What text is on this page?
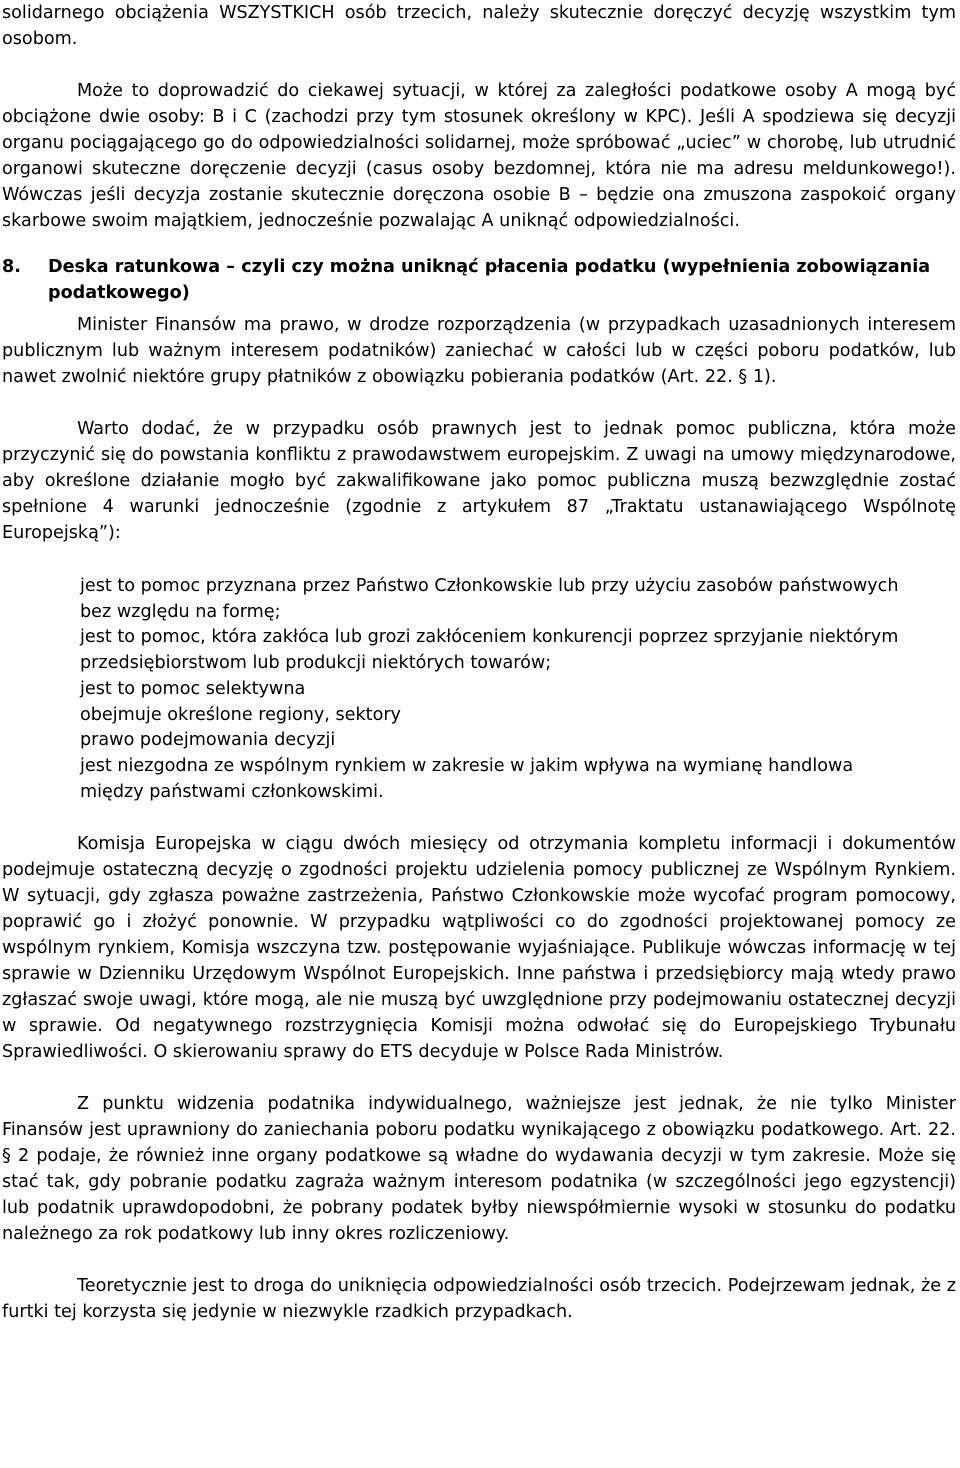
solidarnego obciążenia WSZYSTKICH osób trzecich, należy skutecznie doręczyć decyzję wszystkim tym osobom.

Może to doprowadzić do ciekawej sytuacji, w której za zaległości podatkowe osoby A mogą być obciążone dwie osoby: B i C (zachodzi przy tym stosunek określony w KPC). Jeśli A spodziewa się decyzji organu pociągającego go do odpowiedzialności solidarnej, może spróbować „uciec” w chorobę, lub utrudnić organowi skuteczne doręczenie decyzji (casus osoby bezdomnej, która nie ma adresu meldunkowego!). Wówczas jeśli decyzja zostanie skutecznie doręczona osobie B – będzie ona zmuszona zaspokoić organy skarbowe swoim majątkiem, jednocześnie pozwalając A uniknąć odpowiedzialności.

8.	Deska ratunkowa – czyli czy można uniknąć płacenia podatku (wypełnienia zobowiązania podatkowego)

Minister Finansów ma prawo, w drodze rozporządzenia (w przypadkach uzasadnionych interesem publicznym lub ważnym interesem podatników) zaniechać w całości lub w części poboru podatków, lub nawet zwolnić niektóre grupy płatników z obowiązku pobierania podatków (Art. 22. § 1).

Warto dodać, że w przypadku osób prawnych jest to jednak pomoc publiczna, która może przyczynić się do powstania konfliktu z prawodawstwem europejskim. Z uwagi na umowy międzynarodowe, aby określone działanie mogło być zakwalifikowane jako pomoc publiczna muszą bezwzględnie zostać spełnione 4 warunki jednocześnie (zgodnie z artykułem 87 „Traktatu ustanawiającego Wspólnotę Europejską”):

jest to pomoc przyznana przez Państwo Członkowskie lub przy użyciu zasobów państwowych bez względu na formę;
jest to pomoc, która zakłóca lub grozi zakłóceniem konkurencji poprzez sprzyjanie niektórym przedsiębiorstwom lub produkcji niektórych towarów;
jest to pomoc selektywna
obejmuje określone regiony, sektory
prawo podejmowania decyzji
jest niezgodna ze wspólnym rynkiem w zakresie w jakim wpływa na wymianę handlowa między państwami członkowskimi.

Komisja Europejska w ciągu dwóch miesięcy od otrzymania kompletu informacji i dokumentów podejmuje ostateczną decyzję o zgodności projektu udzielenia pomocy publicznej ze Wspólnym Rynkiem. W sytuacji, gdy zgłasza poważne zastrzeżenia, Państwo Członkowskie może wycofać program pomocowy, poprawić go i złożyć ponownie. W przypadku wątpliwości co do zgodności projektowanej pomocy ze wspólnym rynkiem, Komisja wszczyna tzw. postępowanie wyjaśniające. Publikuje wówczas informację w tej sprawie w Dzienniku Urzędowym Wspólnot Europejskich. Inne państwa i przedsiębiorcy mają wtedy prawo zgłaszać swoje uwagi, które mogą, ale nie muszą być uwzględnione przy podejmowaniu ostatecznej decyzji w sprawie. Od negatywnego rozstrzygnięcia Komisji można odwołać się do Europejskiego Trybunału Sprawiedliwości. O skierowaniu sprawy do ETS decyduje w Polsce Rada Ministrów.

Z punktu widzenia podatnika indywidualnego, ważniejsze jest jednak, że nie tylko Minister Finansów jest uprawniony do zaniechania poboru podatku wynikającego z obowiązku podatkowego. Art. 22. § 2 podaje, że również inne organy podatkowe są władne do wydawania decyzji w tym zakresie. Może się stać tak, gdy pobranie podatku zagraża ważnym interesom podatnika (w szczególności jego egzystencji) lub podatnik uprawdopodobni, że pobrany podatek byłby niewspółmiernie wysoki w stosunku do podatku należnego za rok podatkowy lub inny okres rozliczeniowy.

Teoretycznie jest to droga do uniknięcia odpowiedzialności osób trzecich. Podejrzewam jednak, że z furtki tej korzysta się jedynie w niezwykle rzadkich przypadkach.
